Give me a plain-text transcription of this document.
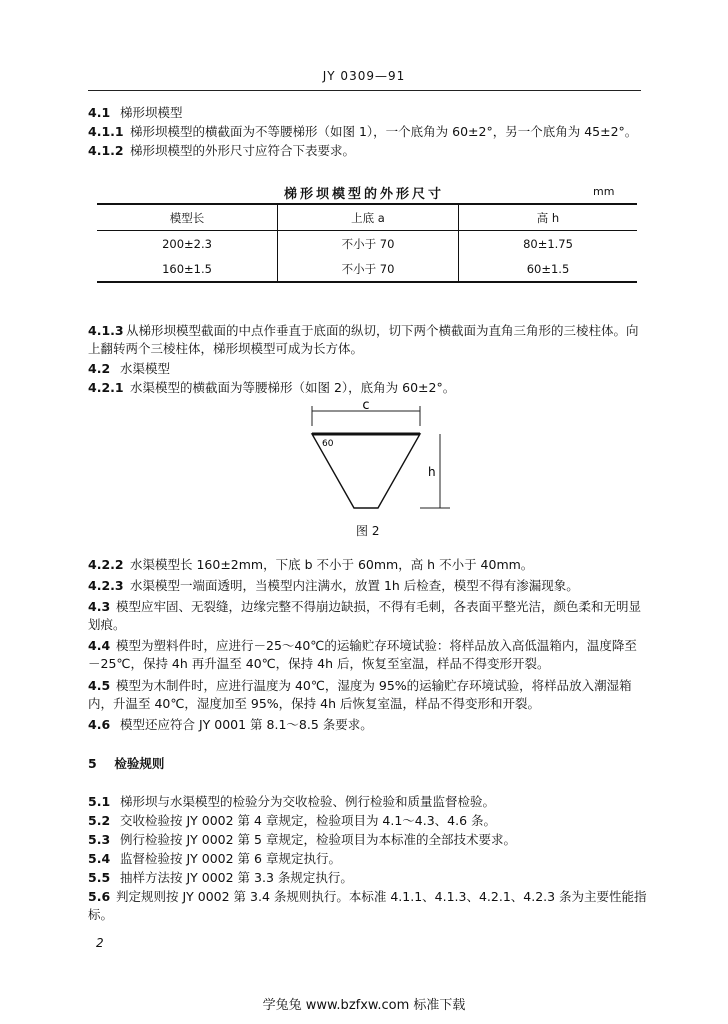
JY 0309—91
4.1 梯形坝模型
4.1.1 梯形坝模型的横截面为不等腰梯形（如图 1），一个底角为 60±2°，另一个底角为 45±2°。
4.1.2 梯形坝模型的外形尺寸应符合下表要求。
梯形坝模型的外形尺寸	mm
模型长	上底 a	高 h
200±2.3	不小于 70	80±1.75
160±1.5	不小于 70	60±1.5
4.1.3 从梯形坝模型截面的中点作垂直于底面的纵切，切下两个横截面为直角三角形的三棱柱体。向上翻转两个三棱柱体，梯形坝模型可成为长方体。
4.2 水渠模型
4.2.1 水渠模型的横截面为等腰梯形（如图 2），底角为 60±2°。
c
60
h
图 2
4.2.2 水渠模型长 160±2mm，下底 b 不小于 60mm，高 h 不小于 40mm。
4.2.3 水渠模型一端面透明，当模型内注满水，放置 1h 后检查，模型不得有渗漏现象。
4.3 模型应牢固、无裂缝，边缘完整不得崩边缺损，不得有毛刺，各表面平整光洁，颜色柔和无明显划痕。
4.4 模型为塑料件时，应进行－25～40℃的运输贮存环境试验：将样品放入高低温箱内，温度降至－25℃，保持 4h 再升温至 40℃，保持 4h 后，恢复至室温，样品不得变形开裂。
4.5 模型为木制件时，应进行温度为 40℃，湿度为 95%的运输贮存环境试验，将样品放入潮湿箱内，升温至 40℃，湿度加至 95%，保持 4h 后恢复室温，样品不得变形和开裂。
4.6 模型还应符合 JY 0001 第 8.1～8.5 条要求。
5 检验规则
5.1 梯形坝与水渠模型的检验分为交收检验、例行检验和质量监督检验。
5.2 交收检验按 JY 0002 第 4 章规定，检验项目为 4.1～4.3、4.6 条。
5.3 例行检验按 JY 0002 第 5 章规定，检验项目为本标准的全部技术要求。
5.4 监督检验按 JY 0002 第 6 章规定执行。
5.5 抽样方法按 JY 0002 第 3.3 条规定执行。
5.6 判定规则按 JY 0002 第 3.4 条规则执行。本标准 4.1.1、4.1.3、4.2.1、4.2.3 条为主要性能指标。
2
学兔兔 www.bzfxw.com 标准下载
